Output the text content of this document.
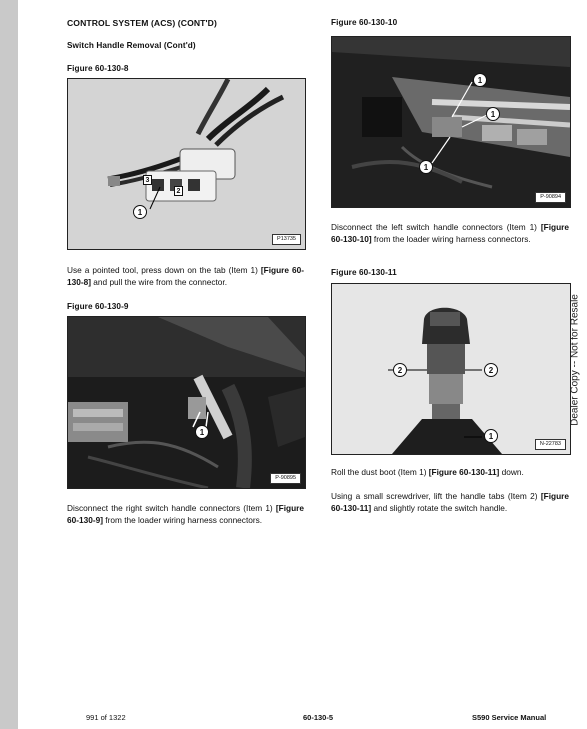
CONTROL SYSTEM (ACS) (CONT'D)

Switch Handle Removal (Cont'd)

Figure 60-130-8

3
2
1
P13735

Use a pointed tool, press down on the tab (Item 1) [Figure 60-130-8] and pull the wire from the connector.

Figure 60-130-9

1
P-90895

Disconnect the right switch handle connectors (Item 1) [Figure 60-130-9] from the loader wiring harness connectors.

Figure 60-130-10

1
1
1
P-90894

Disconnect the left switch handle connectors (Item 1) [Figure 60-130-10] from the loader wiring harness connectors.

Figure 60-130-11

2	2
1
N-22783

Roll the dust boot (Item 1) [Figure 60-130-11] down.

Using a small screwdriver, lift the handle tabs (Item 2) [Figure 60-130-11] and slightly rotate the switch handle.

Dealer Copy -- Not for Resale
991 of 1322	60-130-5	S590 Service Manual
